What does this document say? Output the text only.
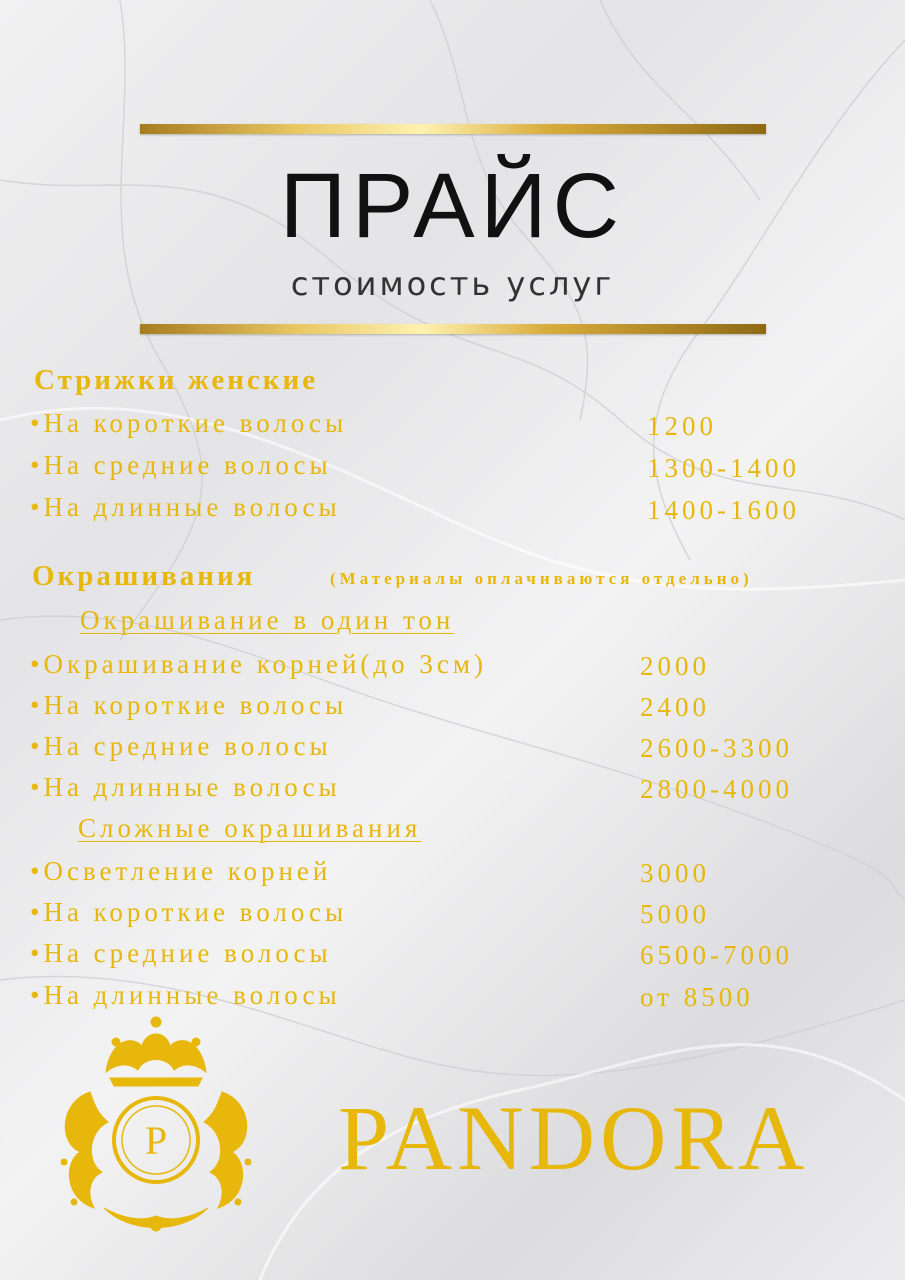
ПРАЙС
стоимость услуг
Стрижки женские
•На короткие волосы	1200
•На средние волосы	1300-1400
•На длинные волосы	1400-1600
Окрашивания	(Материалы оплачиваются отдельно)
Окрашивание в один тон
•Окрашивание корней(до 3см)	2000
•На короткие волосы	2400
•На средние волосы	2600-3300
•На длинные волосы	2800-4000
Сложные окрашивания
•Осветление корней	3000
•На короткие волосы	5000
•На средние волосы	6500-7000
•На длинные волосы	от 8500
P PANDORA
